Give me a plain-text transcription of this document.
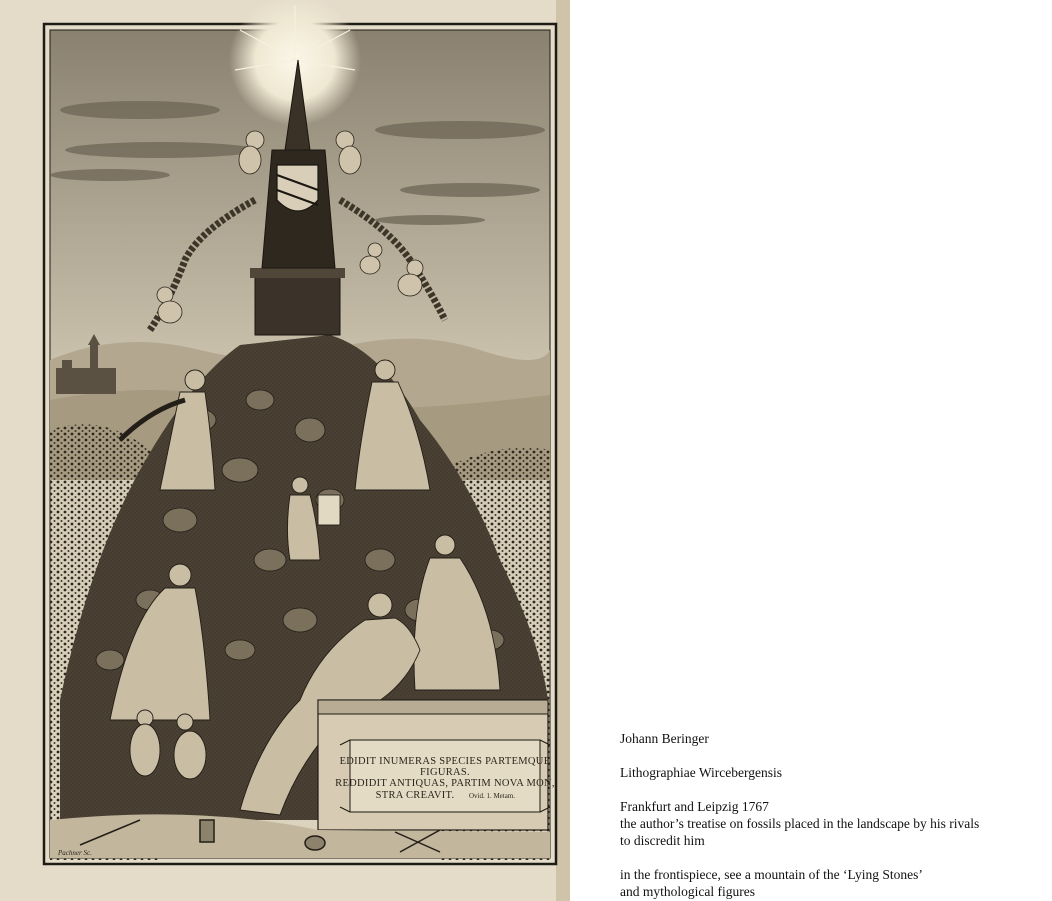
EDIDIT INUMERAS SPECIES PARTEMQUE
FIGURAS.
REDDIDIT ANTIQUAS, PARTIM NOVA MON,
STRA CREAVIT. Ovid. 1. Metam.
Pachner Sc.

Johann Beringer

Lithographiae Wircebergensis

Frankfurt and Leipzig 1767

the author’s treatise on fossils placed in the landscape by his rivals

to discredit him

in the frontispiece, see a mountain of the ‘Lying Stones’

and mythological figures
